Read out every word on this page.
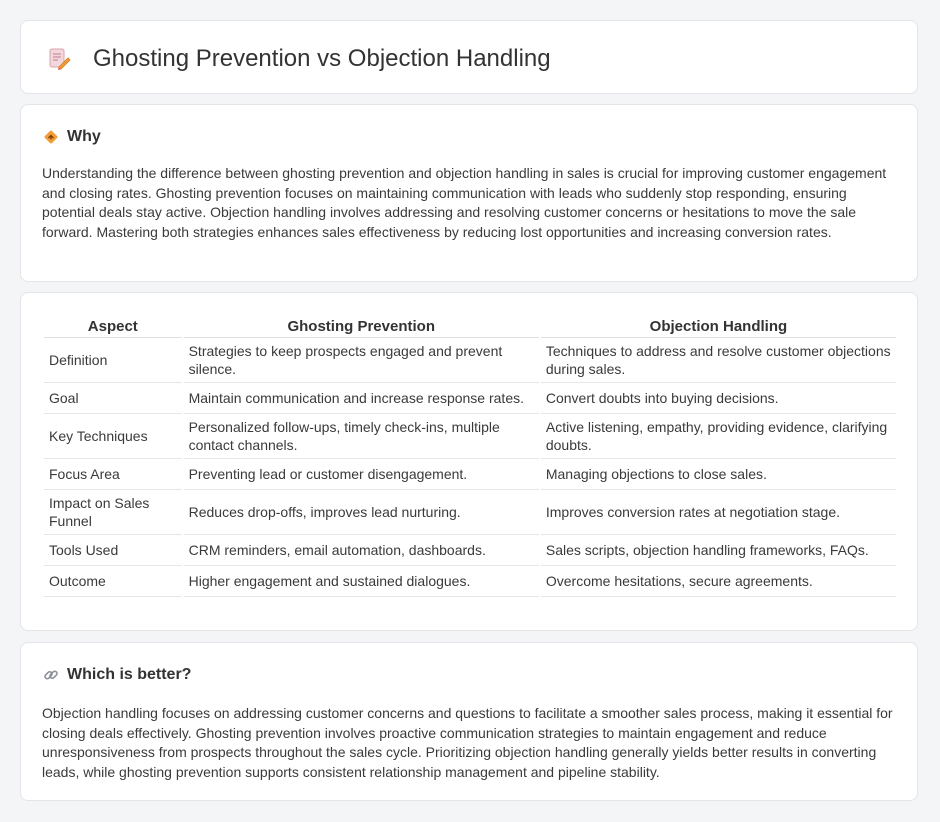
Ghosting Prevention vs Objection Handling
Why

Understanding the difference between ghosting prevention and objection handling in sales is crucial for improving customer engagement and closing rates. Ghosting prevention focuses on maintaining communication with leads who suddenly stop responding, ensuring potential deals stay active. Objection handling involves addressing and resolving customer concerns or hesitations to move the sale forward. Mastering both strategies enhances sales effectiveness by reducing lost opportunities and increasing conversion rates.

Aspect	Ghosting Prevention	Objection Handling
Definition	Strategies to keep prospects engaged and prevent silence.	Techniques to address and resolve customer objections during sales.
Goal	Maintain communication and increase response rates.	Convert doubts into buying decisions.
Key Techniques	Personalized follow-ups, timely check-ins, multiple contact channels.	Active listening, empathy, providing evidence, clarifying doubts.
Focus Area	Preventing lead or customer disengagement.	Managing objections to close sales.
Impact on Sales Funnel	Reduces drop-offs, improves lead nurturing.	Improves conversion rates at negotiation stage.
Tools Used	CRM reminders, email automation, dashboards.	Sales scripts, objection handling frameworks, FAQs.
Outcome	Higher engagement and sustained dialogues.	Overcome hesitations, secure agreements.
Which is better?

Objection handling focuses on addressing customer concerns and questions to facilitate a smoother sales process, making it essential for closing deals effectively. Ghosting prevention involves proactive communication strategies to maintain engagement and reduce unresponsiveness from prospects throughout the sales cycle. Prioritizing objection handling generally yields better results in converting leads, while ghosting prevention supports consistent relationship management and pipeline stability.
